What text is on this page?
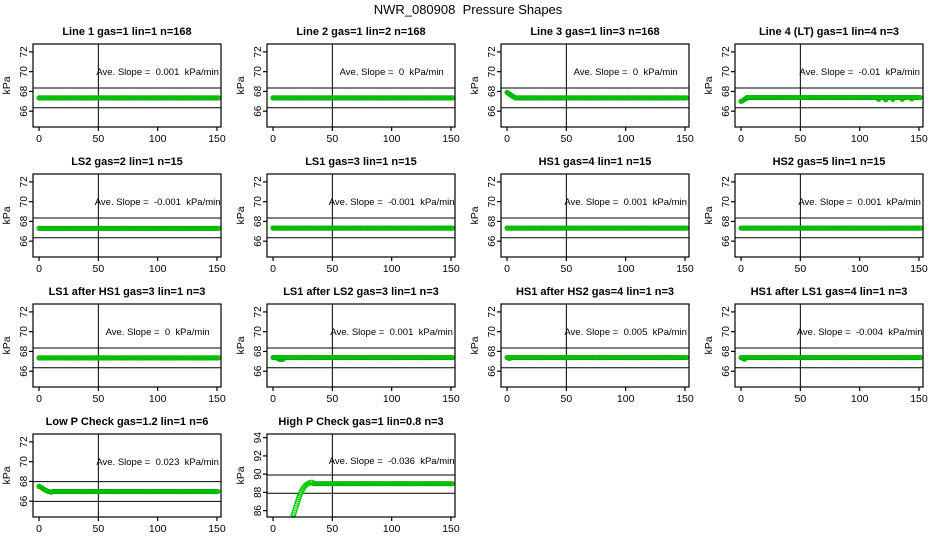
NWR_080908  Pressure Shapes
Line 1 gas=1 lin=1 n=168
0	50	100	150
66
68
70
72
kPa
Ave. Slope =  0.001  kPa/min
Line 2 gas=1 lin=2 n=168
0	50	100	150
66
68
70
72
kPa
Ave. Slope =  0  kPa/min
Line 3 gas=1 lin=3 n=168
0	50	100	150
66
68
70
72
kPa
Ave. Slope =  0  kPa/min
Line 4 (LT) gas=1 lin=4 n=3
0	50	100	150
66
68
70
72
kPa
Ave. Slope =  -0.01  kPa/min
LS2 gas=2 lin=1 n=15
0	50	100	150
66
68
70
72
kPa
Ave. Slope =  -0.001  kPa/min
LS1 gas=3 lin=1 n=15
0	50	100	150
66
68
70
72
kPa
Ave. Slope =  -0.001  kPa/min
HS1 gas=4 lin=1 n=15
0	50	100	150
66
68
70
72
kPa
Ave. Slope =  0.001  kPa/min
HS2 gas=5 lin=1 n=15
0	50	100	150
66
68
70
72
kPa
Ave. Slope =  0.001  kPa/min
LS1 after HS1 gas=3 lin=1 n=3
0	50	100	150
66
68
70
72
kPa
Ave. Slope =  0  kPa/min
LS1 after LS2 gas=3 lin=1 n=3
0	50	100	150
66
68
70
72
kPa
Ave. Slope =  0.001  kPa/min
HS1 after HS2 gas=4 lin=1 n=3
0	50	100	150
66
68
70
72
kPa
Ave. Slope =  0.005  kPa/min
HS1 after LS1 gas=4 lin=1 n=3
0	50	100	150
66
68
70
72
kPa
Ave. Slope =  -0.004  kPa/min
Low P Check gas=1.2 lin=1 n=6
0	50	100	150
66
68
70
72
kPa
Ave. Slope =  0.023  kPa/min
High P Check gas=1 lin=0.8 n=3
0	50	100	150
86
88
90
92
94
kPa
Ave. Slope =  -0.036  kPa/min
